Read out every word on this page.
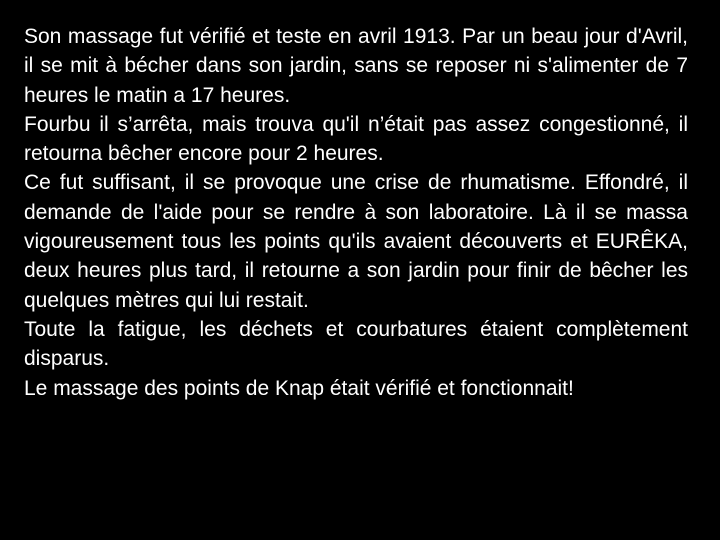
Son massage fut vérifié et teste en avril 1913. Par un beau jour d'Avril, il se mit à bécher dans son jardin, sans se reposer ni s'alimenter de 7 heures le matin a 17 heures.

Fourbu il s’arrêta, mais trouva qu'il n’était pas assez congestionné, il retourna bêcher encore pour 2 heures.

Ce fut suffisant, il se provoque une crise de rhumatisme. Effondré, il demande de l'aide pour se rendre à son laboratoire. Là il se massa vigoureusement tous les points qu'ils avaient découverts et EURÊKA, deux heures plus tard, il retourne a son jardin pour finir de bêcher les quelques mètres qui lui restait.

Toute la fatigue, les déchets et courbatures étaient complètement disparus.

Le massage des points de Knap était vérifié et fonctionnait!
